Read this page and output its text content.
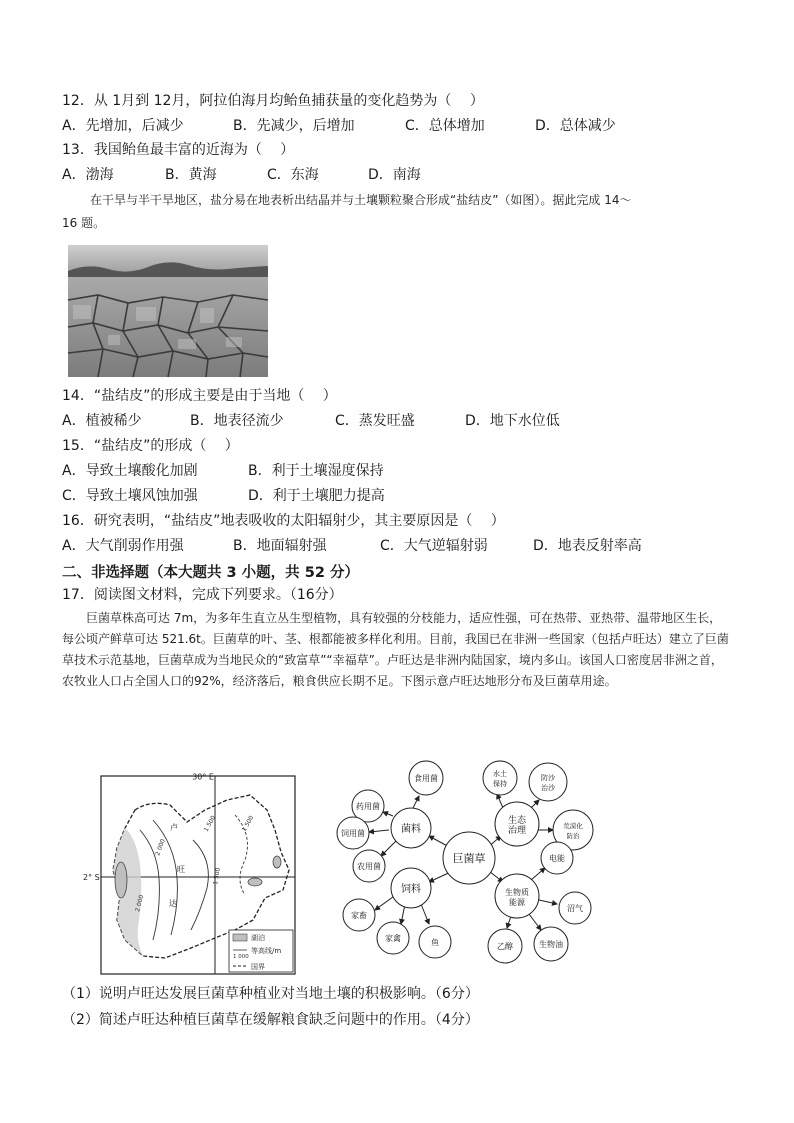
12．从 1月到 12月，阿拉伯海月均鲐鱼捕获量的变化趋势为（　 ）
A．先增加，后减少	B．先减少，后增加	C．总体增加	D．总体减少
13．我国鲐鱼最丰富的近海为（　 ）
A．渤海	B．黄海	C．东海	D．南海
在干旱与半干旱地区，盐分易在地表析出结晶并与土壤颗粒聚合形成“盐结皮”（如图）。据此完成 14～
16 题。
14．“盐结皮”的形成主要是由于当地（　 ）
A．植被稀少	B．地表径流少	C．蒸发旺盛	D．地下水位低
15．“盐结皮”的形成（　 ）
A．导致土壤酸化加剧	B．利于土壤湿度保持
C．导致土壤风蚀加强	D．利于土壤肥力提高
16．研究表明，“盐结皮”地表吸收的太阳辐射少，其主要原因是（　 ）
A．大气削弱作用强	B．地面辐射强	C．大气逆辐射弱	D．地表反射率高
二、非选择题（本大题共 3 小题，共 52 分）
17．阅读图文材料，完成下列要求。（16分）
巨菌草株高可达 7m，为多年生直立丛生型植物，具有较强的分枝能力，适应性强，可在热带、亚热带、温带地区生长，每公顷产鲜草可达 521.6t。巨菌草的叶、茎、根都能被多样化利用。目前，我国已在非洲一些国家（包括卢旺达）建立了巨菌草技术示范基地，巨菌草成为当地民众的“致富草”“幸福草”。卢旺达是非洲内陆国家，境内多山。该国人口密度居非洲之首，农牧业人口占全国人口的92%，经济落后，粮食供应长期不足。下图示意卢旺达地形分布及巨菌草用途。
30° E
2° S
卢
旺
达
2 000
1 500
2 000
1 500
1 500
湖泊
1 000
等高线/m
国界
巨菌草
菌料
饲料
生态治理
生物质能源
食用菌
药用菌
饲用菌
农用菌
家畜
家禽	鱼
水土保持
防沙治沙
荒漠化防治
电能
沼气
生物油
乙醇
（1）说明卢旺达发展巨菌草种植业对当地土壤的积极影响。（6分）
（2）简述卢旺达种植巨菌草在缓解粮食缺乏问题中的作用。（4分）
